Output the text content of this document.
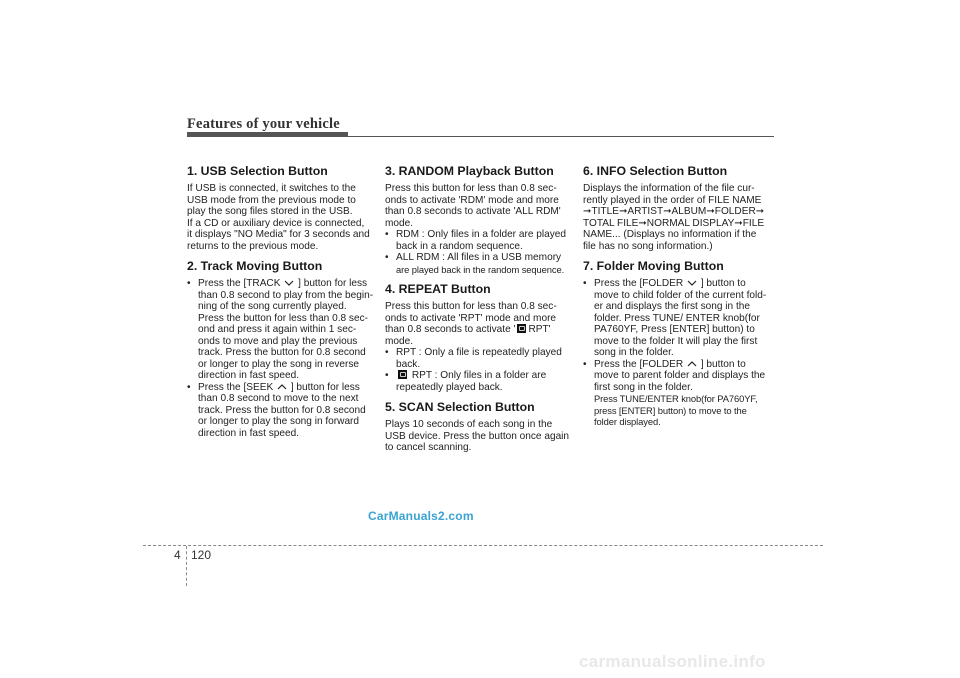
Features of your vehicle
1. USB Selection Button

If USB is connected, it switches to the
USB mode from the previous mode to
play the song files stored in the USB.
If a CD or auxiliary device is connected,
it displays "NO Media" for 3 seconds and
returns to the previous mode.

2. Track Moving Button
• Press the [TRACK ] button for less
than 0.8 second to play from the begin-
ning of the song currently played.
Press the button for less than 0.8 sec-
ond and press it again within 1 sec-
onds to move and play the previous
track. Press the button for 0.8 second
or longer to play the song in reverse
direction in fast speed.
• Press the [SEEK ] button for less
than 0.8 second to move to the next
track. Press the button for 0.8 second
or longer to play the song in forward
direction in fast speed.
3. RANDOM Playback Button

Press this button for less than 0.8 sec-
onds to activate 'RDM' mode and more
than 0.8 seconds to activate 'ALL RDM'
mode.

• RDM : Only files in a folder are played
back in a random sequence.
• ALL RDM : All files in a USB memory
are played back in the random sequence.
4. REPEAT Button

Press this button for less than 0.8 sec-
onds to activate 'RPT' mode and more
than 0.8 seconds to activate ' RPT'
mode.

• RPT : Only a file is repeatedly played
back.
• RPT : Only files in a folder are
repeatedly played back.
5. SCAN Selection Button

Plays 10 seconds of each song in the
USB device. Press the button once again
to cancel scanning.

6. INFO Selection Button

Displays the information of the file cur-
rently played in the order of FILE NAME
➞TITLE➞ARTIST➞ALBUM➞FOLDER➞
TOTAL FILE➞NORMAL DISPLAY➞FILE
NAME... (Displays no information if the
file has no song information.)

7. Folder Moving Button
• Press the [FOLDER ] button to
move to child folder of the current fold-
er and displays the first song in the
folder. Press TUNE/ ENTER knob(for
PA760YF, Press [ENTER] button) to
move to the folder It will play the first
song in the folder.
• Press the [FOLDER ] button to
move to parent folder and displays the
first song in the folder.
Press TUNE/ENTER knob(for PA760YF,
press [ENTER] button) to move to the
folder displayed.
CarManuals2.com
4 120
carmanualsonline.info
